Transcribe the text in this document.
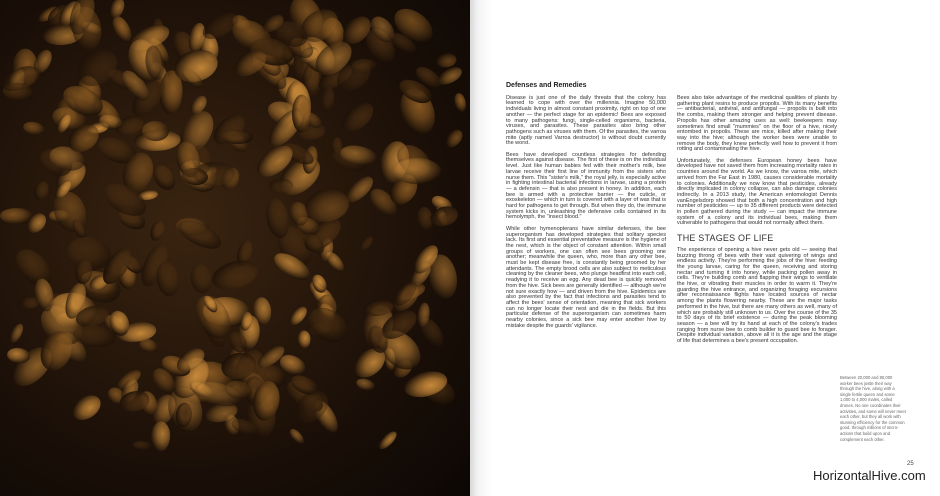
Defenses and Remedies

Disease is just one of the daily threats that the colony has learned to cope with over the millennia. Imagine 50,000 individuals living in almost constant proximity, right on top of one another — the perfect stage for an epidemic! Bees are exposed to many pathogens: fungi, single-celled organisms, bacteria, viruses, and parasites. These parasites also bring other pathogens such as viruses with them. Of the parasites, the varroa mite (aptly named Varroa destructor) is without doubt currently the worst.

Bees have developed countless strategies for defending themselves against disease. The first of these is on the individual level. Just like human babies fed with their mother's milk, bee larvae receive their first line of immunity from the sisters who nurse them. This "sister's milk," the royal jelly, is especially active in fighting intestinal bacterial infections in larvae, using a protein — a defensin — that is also present in honey. In addition, each bee is armed with a protective barrier — the cuticle, or exoskeleton — which in turn is covered with a layer of wax that is hard for pathogens to get through. But when they do, the immune system kicks in, unleashing the defensive cells contained in its hemolymph, the "insect blood."

While other hymenopterans have similar defenses, the bee superorganism has developed strategies that solitary species lack. Its first and essential preventative measure is the hygiene of the nest, which is the object of constant attention. Within small groups of workers, one can often see bees grooming one another; meanwhile the queen, who, more than any other bee, must be kept disease free, is constantly being groomed by her attendants. The empty brood cells are also subject to meticulous cleaning by the cleaner bees, who plunge headfirst into each cell, readying it to receive an egg. Any dead bee is quickly removed from the hive. Sick bees are generally identified — although we're not sure exactly how — and driven from the hive. Epidemics are also prevented by the fact that infections and parasites tend to affect the bees' sense of orientation, meaning that sick workers can no longer locate their nest and die in the fields. But this particular defense of the superorganism can sometimes harm nearby colonies, since a sick bee may enter another hive by mistake despite the guards' vigilance.

Bees also take advantage of the medicinal qualities of plants by gathering plant resins to produce propolis. With its many benefits — antibacterial, antiviral, and antifungal — propolis is built into the combs, making them stronger and helping prevent disease. Propolis has other amazing uses as well: beekeepers may sometimes find small "mummies" on the floor of a hive, nicely entombed in propolis. These are mice, killed after making their way into the hive; although the worker bees were unable to remove the body, they knew perfectly well how to prevent it from rotting and contaminating the hive.

Unfortunately, the defenses European honey bees have developed have not saved them from increasing mortality rates in countries around the world. As we know, the varroa mite, which arrived from the Far East in 1980, causes considerable mortality to colonies. Additionally we now know that pesticides, already directly implicated in colony collapse, can also damage colonies indirectly. In a 2013 study, the American entomologist Dennis vanEngelsdorp showed that both a high concentration and high number of pesticides — up to 35 different products were detected in pollen gathered during the study — can impact the immune system of a colony and its individual bees, making them vulnerable to pathogens that would not normally affect them.

THE STAGES OF LIFE

The experience of opening a hive never gets old — seeing that buzzing throng of bees with their vast quivering of wings and endless activity. They're performing the jobs of the hive: feeding the young larvae, caring for the queen, receiving and storing nectar and turning it into honey, while packing pollen away in cells. They're building comb and flapping their wings to ventilate the hive, or vibrating their muscles in order to warm it. They're guarding the hive entrance, and organizing foraging excursions after reconnaissance flights have located sources of nectar among the plants flowering nearby. These are the major tasks performed in the hive, but there are many others as well, many of which are probably still unknown to us. Over the course of the 35 to 50 days of its brief existence — during the peak blooming season — a bee will try its hand at each of the colony's trades ranging from nurse bee to comb builder to guard bee to forager. Despite individual variation, above all it is the age and the stage of life that determines a bee's present occupation.

Between 20,000 and 80,000 worker bees jostle their way through the hive, along with a single fertile queen and some 1,000 to 4,000 males, called drones. No one coordinates their activities, and some will never meet each other, but they all work with stunning efficiency for the common good, through millions of micro-actions that build upon and complement each other.
25
HorizontalHive.com
